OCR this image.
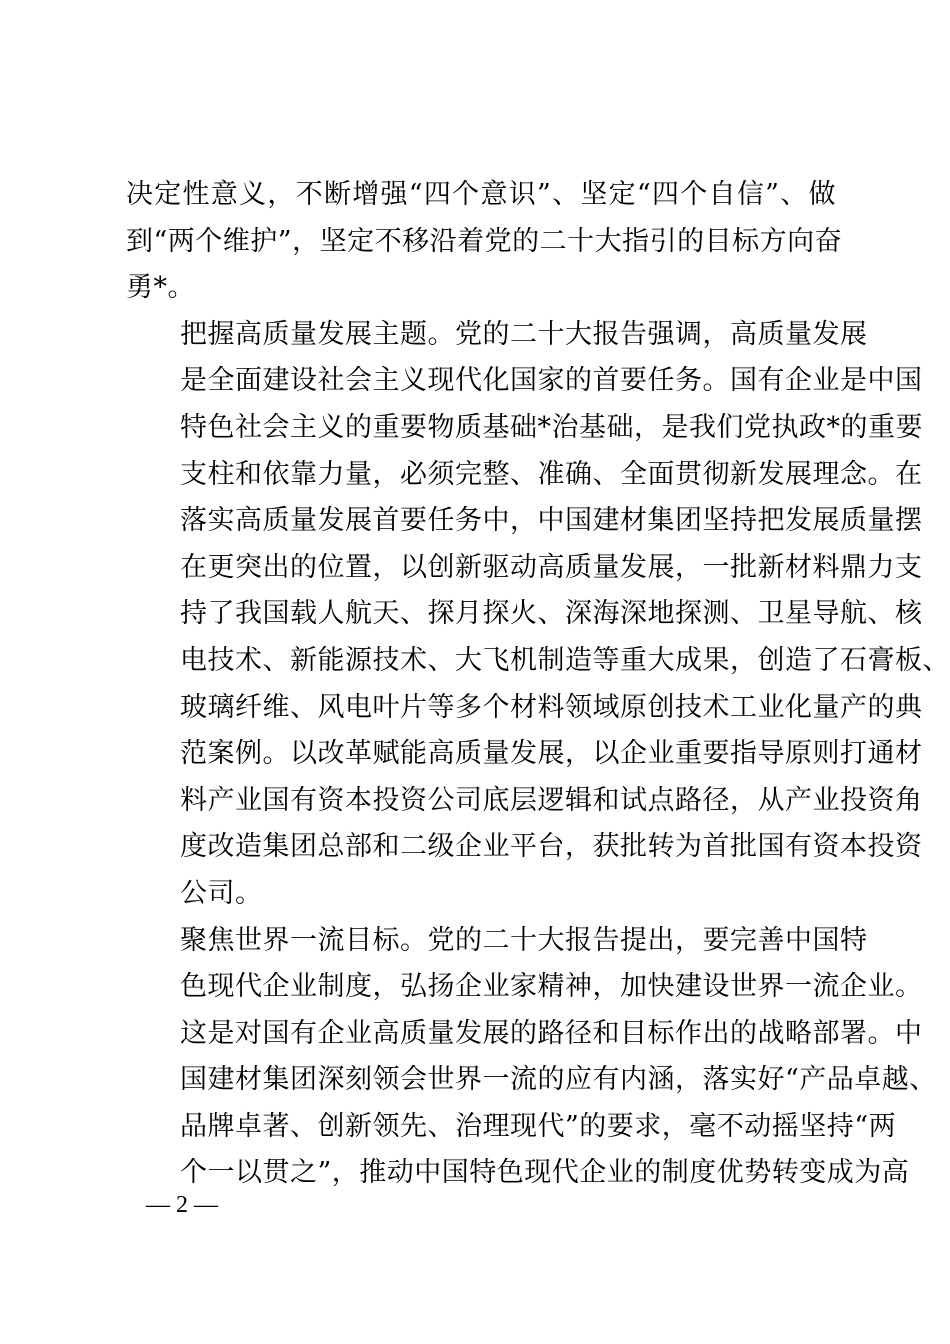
决定性意义，不断增强“四个意识”、坚定“四个自信”、做
到“两个维护”，坚定不移沿着党的二十大指引的目标方向奋
勇*。
把握高质量发展主题。党的二十大报告强调，高质量发展
是全面建设社会主义现代化国家的首要任务。国有企业是中国
特色社会主义的重要物质基础*治基础，是我们党执政*的重要
支柱和依靠力量，必须完整、准确、全面贯彻新发展理念。在
落实高质量发展首要任务中，中国建材集团坚持把发展质量摆
在更突出的位置，以创新驱动高质量发展，一批新材料鼎力支
持了我国载人航天、探月探火、深海深地探测、卫星导航、核
电技术、新能源技术、大飞机制造等重大成果，创造了石膏板、
玻璃纤维、风电叶片等多个材料领域原创技术工业化量产的典
范案例。以改革赋能高质量发展，以企业重要指导原则打通材
料产业国有资本投资公司底层逻辑和试点路径，从产业投资角
度改造集团总部和二级企业平台，获批转为首批国有资本投资
公司。
聚焦世界一流目标。党的二十大报告提出，要完善中国特
色现代企业制度，弘扬企业家精神，加快建设世界一流企业。
这是对国有企业高质量发展的路径和目标作出的战略部署。中
国建材集团深刻领会世界一流的应有内涵，落实好“产品卓越、
品牌卓著、创新领先、治理现代”的要求，毫不动摇坚持“两
个一以贯之”，推动中国特色现代企业的制度优势转变成为高
— 2 —
